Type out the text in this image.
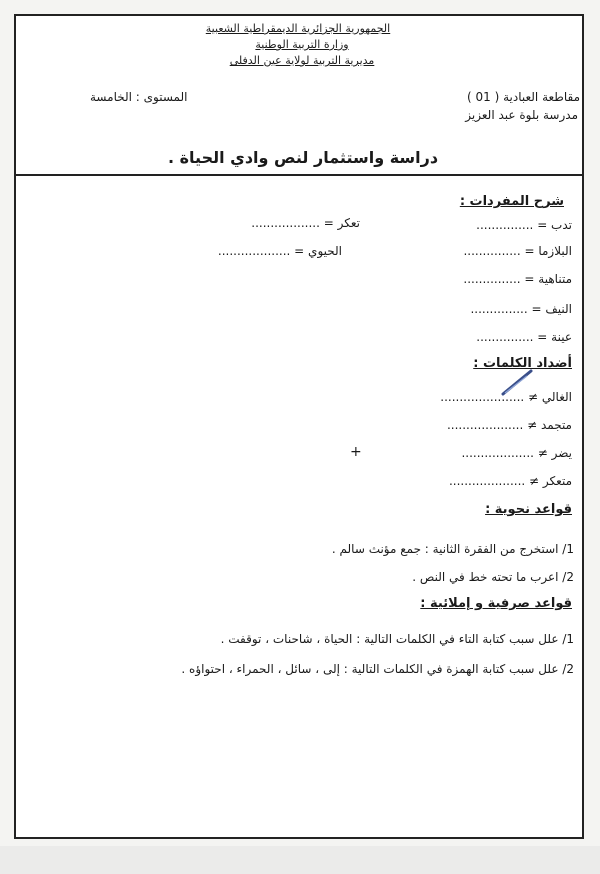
الجمهورية الجزائرية الديمقراطية الشعبية
وزارة التربية الوطنية
مديرية التربية لولاية عين الدفلى
مقاطعة العبادية ( 01 )
مدرسة بلوة عبد العزيز
المستوى : الخامسة
دراسة واستثمار لنص وادي الحياة .
شرح المفردات :
تدب = ...............
تعكر = ..................
البلازما = ...............
الحيوي = ...................
متناهية = ...............
النيف = ...............
عينة = ...............
أضداد الكلمات :
الغالي ≠ ......................
متجمد ≠ ....................
يضر ≠ ...................
+
متعكر ≠ ....................
قواعد نحوية :
1/ استخرج من الفقرة الثانية : جمع مؤنث سالم .
2/ اعرب ما تحته خط في النص .
قواعد صرفية و إملائية :
1/ علل سبب كتابة التاء في الكلمات التالية : الحياة ، شاحنات ، توقفت .
2/ علل سبب كتابة الهمزة في الكلمات التالية : إلى ، سائل ، الحمراء ، احتواؤه .
